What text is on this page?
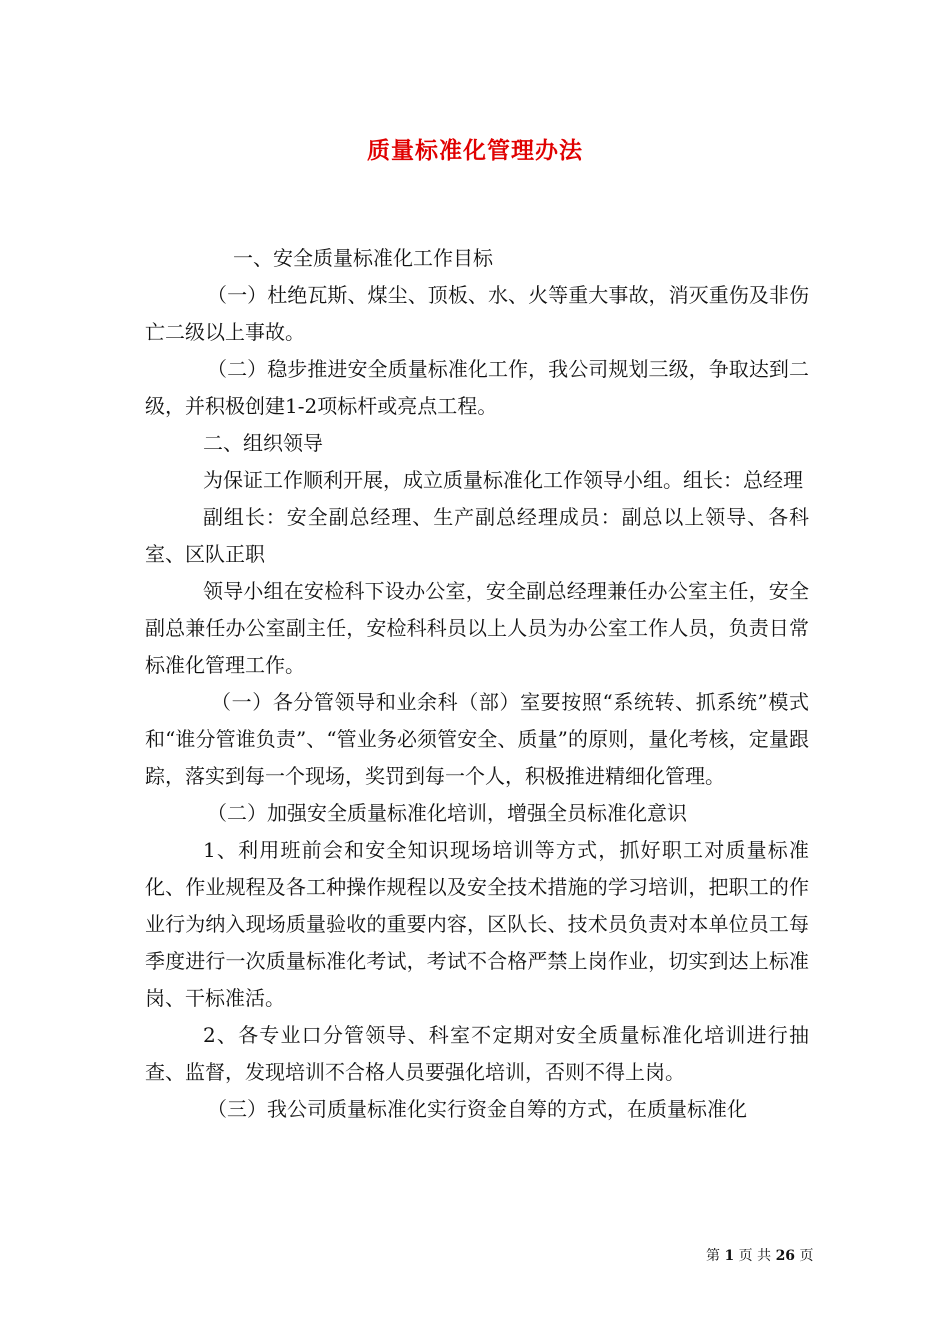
质量标准化管理办法

一、安全质量标准化工作目标

（一）杜绝瓦斯、煤尘、顶板、水、火等重大事故，消灭重伤及非伤亡二级以上事故。

（二）稳步推进安全质量标准化工作，我公司规划三级，争取达到二级，并积极创建1-2项标杆或亮点工程。

二、组织领导

为保证工作顺利开展，成立质量标准化工作领导小组。组长：总经理

副组长：安全副总经理、生产副总经理成员：副总以上领导、各科室、区队正职

领导小组在安检科下设办公室，安全副总经理兼任办公室主任，安全副总兼任办公室副主任，安检科科员以上人员为办公室工作人员，负责日常标准化管理工作。

（一）各分管领导和业余科（部）室要按照“系统转、抓系统”模式和“谁分管谁负责”、“管业务必须管安全、质量”的原则，量化考核，定量跟踪，落实到每一个现场，奖罚到每一个人，积极推进精细化管理。

（二）加强安全质量标准化培训，增强全员标准化意识

1、利用班前会和安全知识现场培训等方式，抓好职工对质量标准化、作业规程及各工种操作规程以及安全技术措施的学习培训，把职工的作业行为纳入现场质量验收的重要内容，区队长、技术员负责对本单位员工每季度进行一次质量标准化考试，考试不合格严禁上岗作业，切实到达上标准岗、干标准活。

2、各专业口分管领导、科室不定期对安全质量标准化培训进行抽查、监督，发现培训不合格人员要强化培训，否则不得上岗。

（三）我公司质量标准化实行资金自筹的方式，在质量标准化

第 1 页 共 26 页
